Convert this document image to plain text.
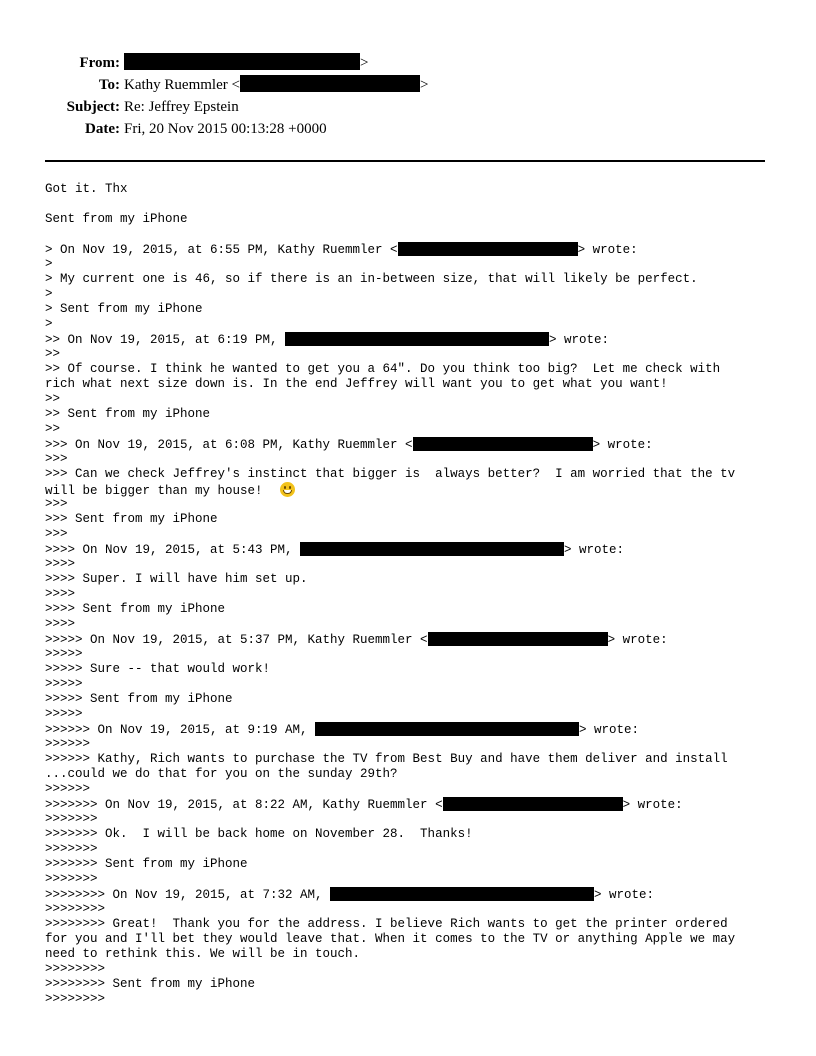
From:	>
To: Kathy Ruemmler <	>
Subject: Re: Jeffrey Epstein
Date: Fri, 20 Nov 2015 00:13:28 +0000
Got it. Thx
Sent from my iPhone
> On Nov 19, 2015, at 6:55 PM, Kathy Ruemmler <	> wrote:
>
> My current one is 46, so if there is an in-between size, that will likely be perfect.
>
> Sent from my iPhone
>
>> On Nov 19, 2015, at 6:19 PM,	> wrote:
>>
>> Of course. I think he wanted to get you a 64". Do you think too big?  Let me check with
rich what next size down is. In the end Jeffrey will want you to get what you want!
>>
>> Sent from my iPhone
>>
>>> On Nov 19, 2015, at 6:08 PM, Kathy Ruemmler <	> wrote:
>>>
>>> Can we check Jeffrey's instinct that bigger is  always better?  I am worried that the tv
will be bigger than my house!
>>>
>>> Sent from my iPhone
>>>
>>>> On Nov 19, 2015, at 5:43 PM,	> wrote:
>>>>
>>>> Super. I will have him set up.
>>>>
>>>> Sent from my iPhone
>>>>
>>>>> On Nov 19, 2015, at 5:37 PM, Kathy Ruemmler <	> wrote:
>>>>>
>>>>> Sure -- that would work!
>>>>>
>>>>> Sent from my iPhone
>>>>>
>>>>>> On Nov 19, 2015, at 9:19 AM,	> wrote:
>>>>>>
>>>>>> Kathy, Rich wants to purchase the TV from Best Buy and have them deliver and install
...could we do that for you on the sunday 29th?
>>>>>>
>>>>>>> On Nov 19, 2015, at 8:22 AM, Kathy Ruemmler <	> wrote:
>>>>>>>
>>>>>>> Ok.  I will be back home on November 28.  Thanks!
>>>>>>>
>>>>>>> Sent from my iPhone
>>>>>>>
>>>>>>>> On Nov 19, 2015, at 7:32 AM,	> wrote:
>>>>>>>>
>>>>>>>> Great!  Thank you for the address. I believe Rich wants to get the printer ordered
for you and I'll bet they would leave that. When it comes to the TV or anything Apple we may
need to rethink this. We will be in touch.
>>>>>>>>
>>>>>>>> Sent from my iPhone
>>>>>>>>
